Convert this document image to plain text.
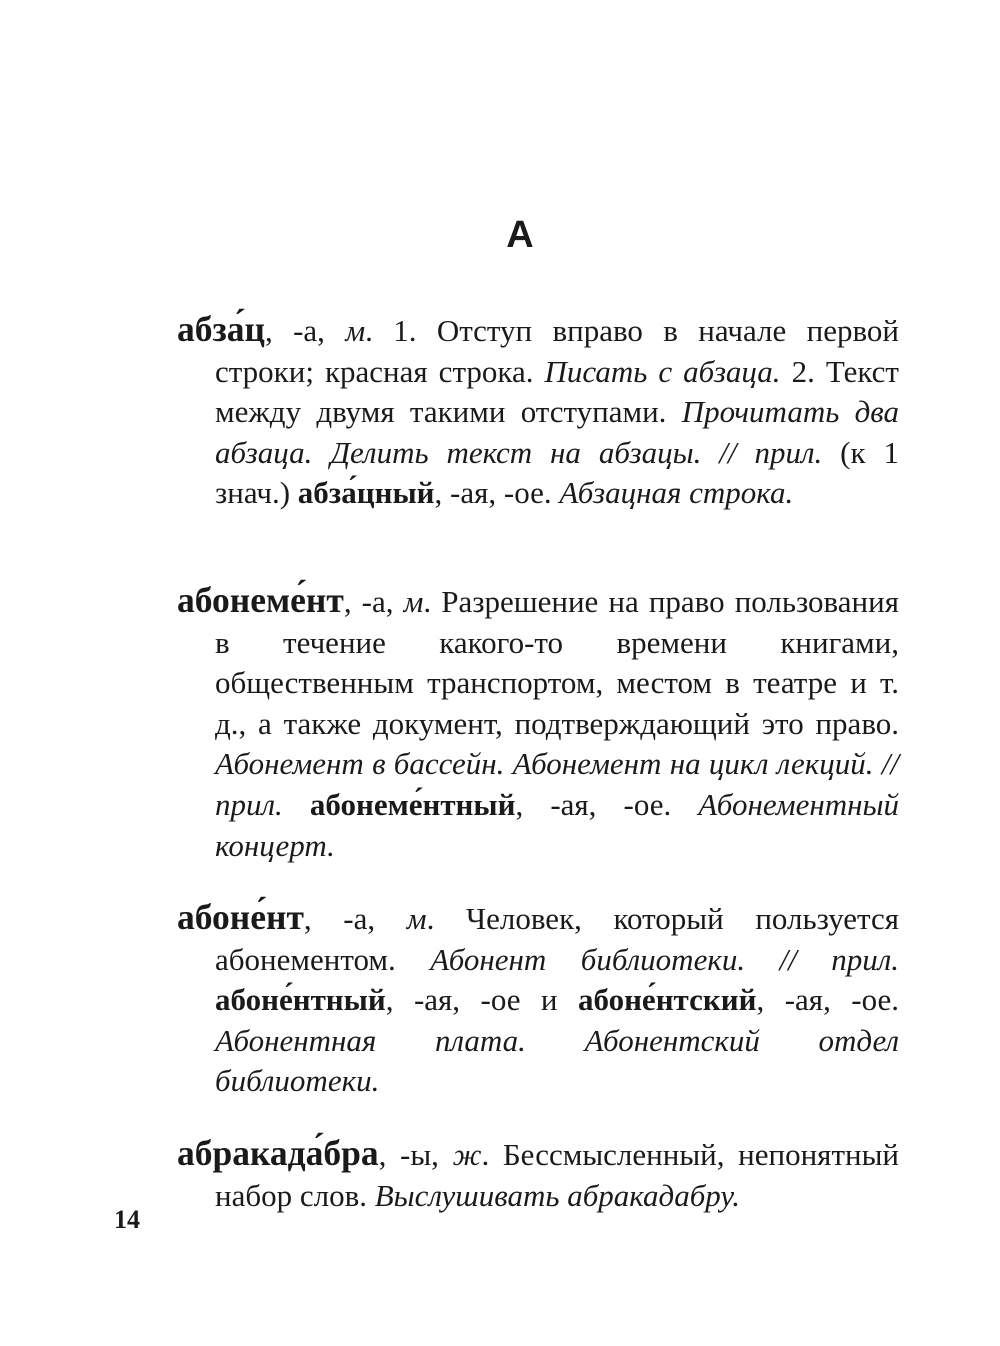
А

абза́ц, -а, м. 1. Отступ вправо в начале первой строки; красная строка. Писать с абзаца. 2. Текст между двумя такими отступами. Прочитать два абзаца. Делить текст на абзацы. // прил. (к 1 знач.) абза́цный, -ая, -ое. Абзацная строка.

абонеме́нт, -а, м. Разрешение на право пользования в течение какого-то времени книгами, общественным транспортом, местом в театре и т. д., а также документ, подтверждающий это право. Абонемент в бассейн. Абонемент на цикл лекций. // прил. абонеме́нтный, -ая, -ое. Абонементный концерт.

абоне́нт, -а, м. Человек, который пользуется абонементом. Абонент библиотеки. // прил. абоне́нтный, -ая, -ое и абоне́нтский, -ая, -ое. Абонентная плата. Абонентский отдел библиотеки.

абракада́бра, -ы, ж. Бессмысленный, непонятный набор слов. Выслушивать абракадабру.

14
